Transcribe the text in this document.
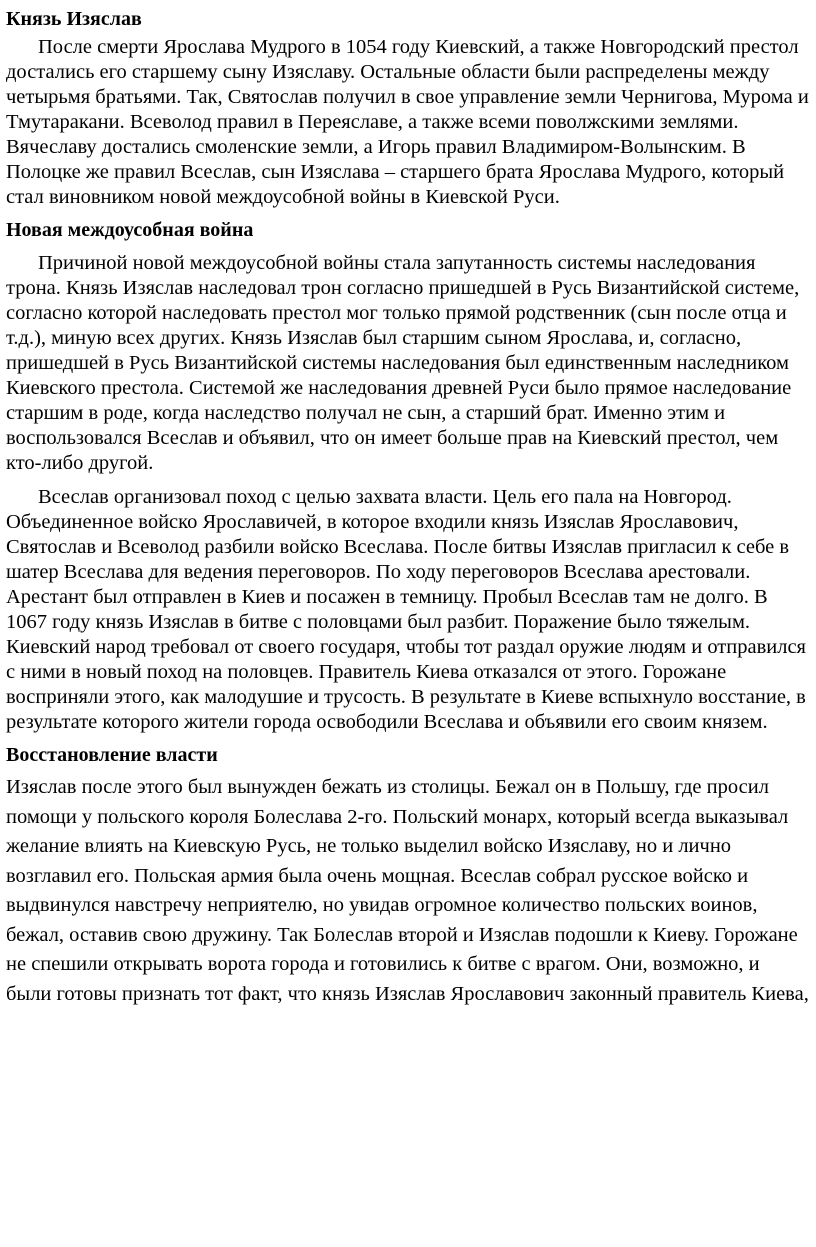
Князь Изяслав

После смерти Ярослава Мудрого в 1054 году Киевский, а также Новгородский престол достались его старшему сыну Изяславу. Остальные области были распределены между четырьмя братьями. Так, Святослав получил в свое управление земли Чернигова, Мурома и Тмутаракани. Всеволод правил в Переяславе, а также всеми поволжскими землями. Вячеславу достались смоленские земли, а Игорь правил Владимиром-Волынским. В Полоцке же правил Всеслав, сын Изяслава – старшего брата Ярослава Мудрого, который стал виновником новой междоусобной войны в Киевской Руси.

Новая междоусобная война

Причиной новой междоусобной войны стала запутанность системы наследования трона. Князь Изяслав наследовал трон согласно пришедшей в Русь Византийской системе, согласно которой наследовать престол мог только прямой родственник (сын после отца и т.д.), миную всех других. Князь Изяслав был старшим сыном Ярослава, и, согласно, пришедшей в Русь Византийской системы наследования был единственным наследником Киевского престола. Системой же наследования древней Руси было прямое наследование старшим в роде, когда наследство получал не сын, а старший брат. Именно этим и воспользовался Всеслав и объявил, что он имеет больше прав на Киевский престол, чем кто-либо другой.

Всеслав организовал поход с целью захвата власти. Цель его пала на Новгород. Объединенное войско Ярославичей, в которое входили князь Изяслав Ярославович, Святослав и Всеволод разбили войско Всеслава. После битвы Изяслав пригласил к себе в шатер Всеслава для ведения переговоров. По ходу переговоров Всеслава арестовали. Арестант был отправлен в Киев и посажен в темницу. Пробыл Всеслав там не долго. В 1067 году князь Изяслав в битве с половцами был разбит. Поражение было тяжелым. Киевский народ требовал от своего государя, чтобы тот раздал оружие людям и отправился с ними в новый поход на половцев. Правитель Киева отказался от этого. Горожане восприняли этого, как малодушие и трусость. В результате в Киеве вспыхнуло восстание, в результате которого жители города освободили Всеслава и объявили его своим князем.

Восстановление власти

Изяслав после этого был вынужден бежать из столицы. Бежал он в Польшу, где просил помощи у польского короля Болеслава 2-го. Польский монарх, который всегда выказывал желание влиять на Киевскую Русь, не только выделил войско Изяславу, но и лично возглавил его. Польская армия была очень мощная. Всеслав собрал русское войско и выдвинулся навстречу неприятелю, но увидав огромное количество польских воинов, бежал, оставив свою дружину. Так Болеслав второй и Изяслав подошли к Киеву. Горожане не спешили открывать ворота города и готовились к битве с врагом. Они, возможно, и были готовы признать тот факт, что князь Изяслав Ярославович законный правитель Киева,
